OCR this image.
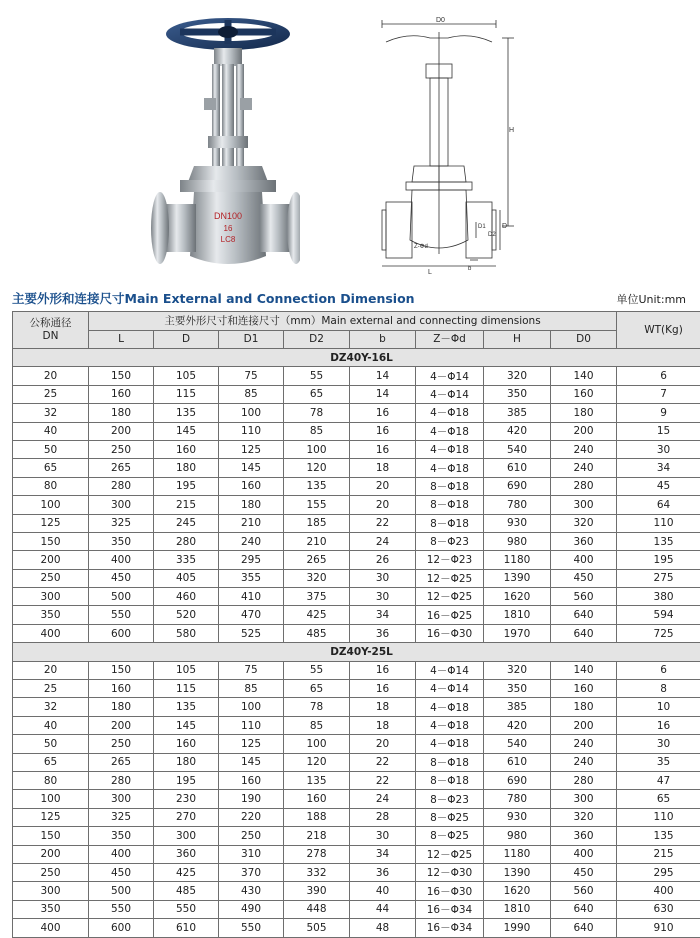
DN100
16
LC8
D0
H
L
D
D1
D2
Z-Φd
b
主要外形和连接尺寸Main External and Connection Dimension	单位Unit:mm
公称通径
DN	主要外形尺寸和连接尺寸（mm）Main external and connecting dimensions								WT(Kg)
	L	D	D1	D2	b	Z－Φd	H	D0	
DZ40Y-16L									
20	150	105	75	55	14	4－Φ14	320	140	6
25	160	115	85	65	14	4－Φ14	350	160	7
32	180	135	100	78	16	4－Φ18	385	180	9
40	200	145	110	85	16	4－Φ18	420	200	15
50	250	160	125	100	16	4－Φ18	540	240	30
65	265	180	145	120	18	4－Φ18	610	240	34
80	280	195	160	135	20	8－Φ18	690	280	45
100	300	215	180	155	20	8－Φ18	780	300	64
125	325	245	210	185	22	8－Φ18	930	320	110
150	350	280	240	210	24	8－Φ23	980	360	135
200	400	335	295	265	26	12－Φ23	1180	400	195
250	450	405	355	320	30	12－Φ25	1390	450	275
300	500	460	410	375	30	12－Φ25	1620	560	380
350	550	520	470	425	34	16－Φ25	1810	640	594
400	600	580	525	485	36	16－Φ30	1970	640	725
DZ40Y-25L									
20	150	105	75	55	16	4－Φ14	320	140	6
25	160	115	85	65	16	4－Φ14	350	160	8
32	180	135	100	78	18	4－Φ18	385	180	10
40	200	145	110	85	18	4－Φ18	420	200	16
50	250	160	125	100	20	4－Φ18	540	240	30
65	265	180	145	120	22	8－Φ18	610	240	35
80	280	195	160	135	22	8－Φ18	690	280	47
100	300	230	190	160	24	8－Φ23	780	300	65
125	325	270	220	188	28	8－Φ25	930	320	110
150	350	300	250	218	30	8－Φ25	980	360	135
200	400	360	310	278	34	12－Φ25	1180	400	215
250	450	425	370	332	36	12－Φ30	1390	450	295
300	500	485	430	390	40	16－Φ30	1620	560	400
350	550	550	490	448	44	16－Φ34	1810	640	630
400	600	610	550	505	48	16－Φ34	1990	640	910
